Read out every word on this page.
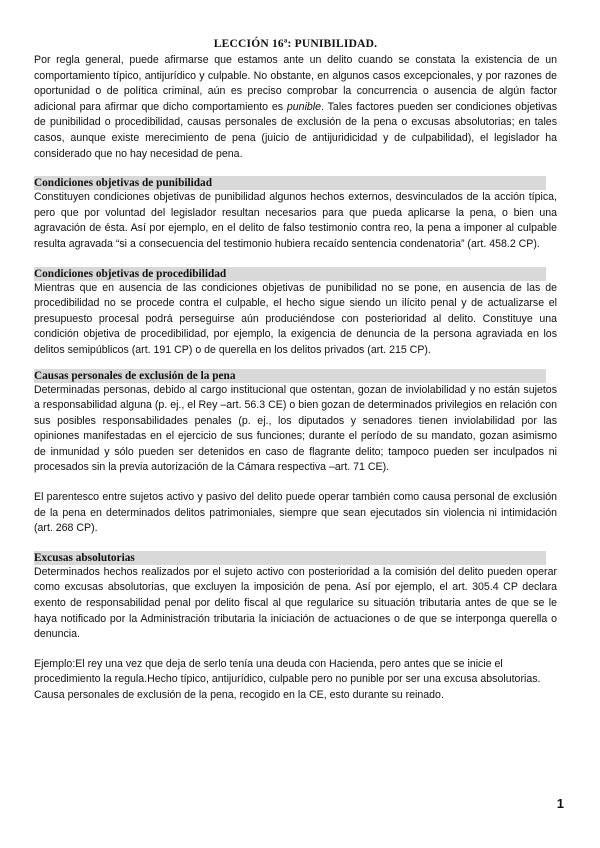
LECCIÓN 16ª: PUNIBILIDAD.

Por regla general, puede afirmarse que estamos ante un delito cuando se constata la existencia de un comportamiento típico, antijurídico y culpable. No obstante, en algunos casos excepcionales, y por razones de oportunidad o de política criminal, aún es preciso comprobar la concurrencia o ausencia de algún factor adicional para afirmar que dicho comportamiento es punible. Tales factores pueden ser condiciones objetivas de punibilidad o procedibilidad, causas personales de exclusión de la pena o excusas absolutorias; en tales casos, aunque existe merecimiento de pena (juicio de antijuridicidad y de culpabilidad), el legislador ha considerado que no hay necesidad de pena.

Condiciones objetivas de punibilidad

Constituyen condiciones objetivas de punibilidad algunos hechos externos, desvinculados de la acción típica, pero que por voluntad del legislador resultan necesarios para que pueda aplicarse la pena, o bien una agravación de ésta. Así por ejemplo, en el delito de falso testimonio contra reo, la pena a imponer al culpable resulta agravada “si a consecuencia del testimonio hubiera recaído sentencia condenatoria” (art. 458.2 CP).

Condiciones objetivas de procedibilidad

Mientras que en ausencia de las condiciones objetivas de punibilidad no se pone, en ausencia de las de procedibilidad no se procede contra el culpable, el hecho sigue siendo un ilícito penal y de actualizarse el presupuesto procesal podrá perseguirse aún produciéndose con posterioridad al delito. Constituye una condición objetiva de procedibilidad, por ejemplo, la exigencia de denuncia de la persona agraviada en los delitos semipúblicos (art. 191 CP) o de querella en los delitos privados (art. 215 CP).

Causas personales de exclusión de la pena

Determinadas personas, debido al cargo institucional que ostentan, gozan de inviolabilidad y no están sujetos a responsabilidad alguna (p. ej., el Rey –art. 56.3 CE) o bien gozan de determinados privilegios en relación con sus posibles responsabilidades penales (p. ej., los diputados y senadores tienen inviolabilidad por las opiniones manifestadas en el ejercicio de sus funciones; durante el período de su mandato, gozan asimismo de inmunidad y sólo pueden ser detenidos en caso de flagrante delito; tampoco pueden ser inculpados ni procesados sin la previa autorización de la Cámara respectiva –art. 71 CE).

El parentesco entre sujetos activo y pasivo del delito puede operar también como causa personal de exclusión de la pena en determinados delitos patrimoniales, siempre que sean ejecutados sin violencia ni intimidación (art. 268 CP).

Excusas absolutorias

Determinados hechos realizados por el sujeto activo con posterioridad a la comisión del delito pueden operar como excusas absolutorias, que excluyen la imposición de pena. Así por ejemplo, el art. 305.4 CP declara exento de responsabilidad penal por delito fiscal al que regularice su situación tributaria antes de que se le haya notificado por la Administración tributaria la iniciación de actuaciones o de que se interponga querella o denuncia.

Ejemplo:El rey una vez que deja de serlo tenía una deuda con Hacienda, pero antes que se inicie el procedimiento la regula.Hecho típico, antijurídico, culpable pero no punible por ser una excusa absolutorias.

Causa personales de exclusión de la pena, recogido en la CE, esto durante su reinado.

1
